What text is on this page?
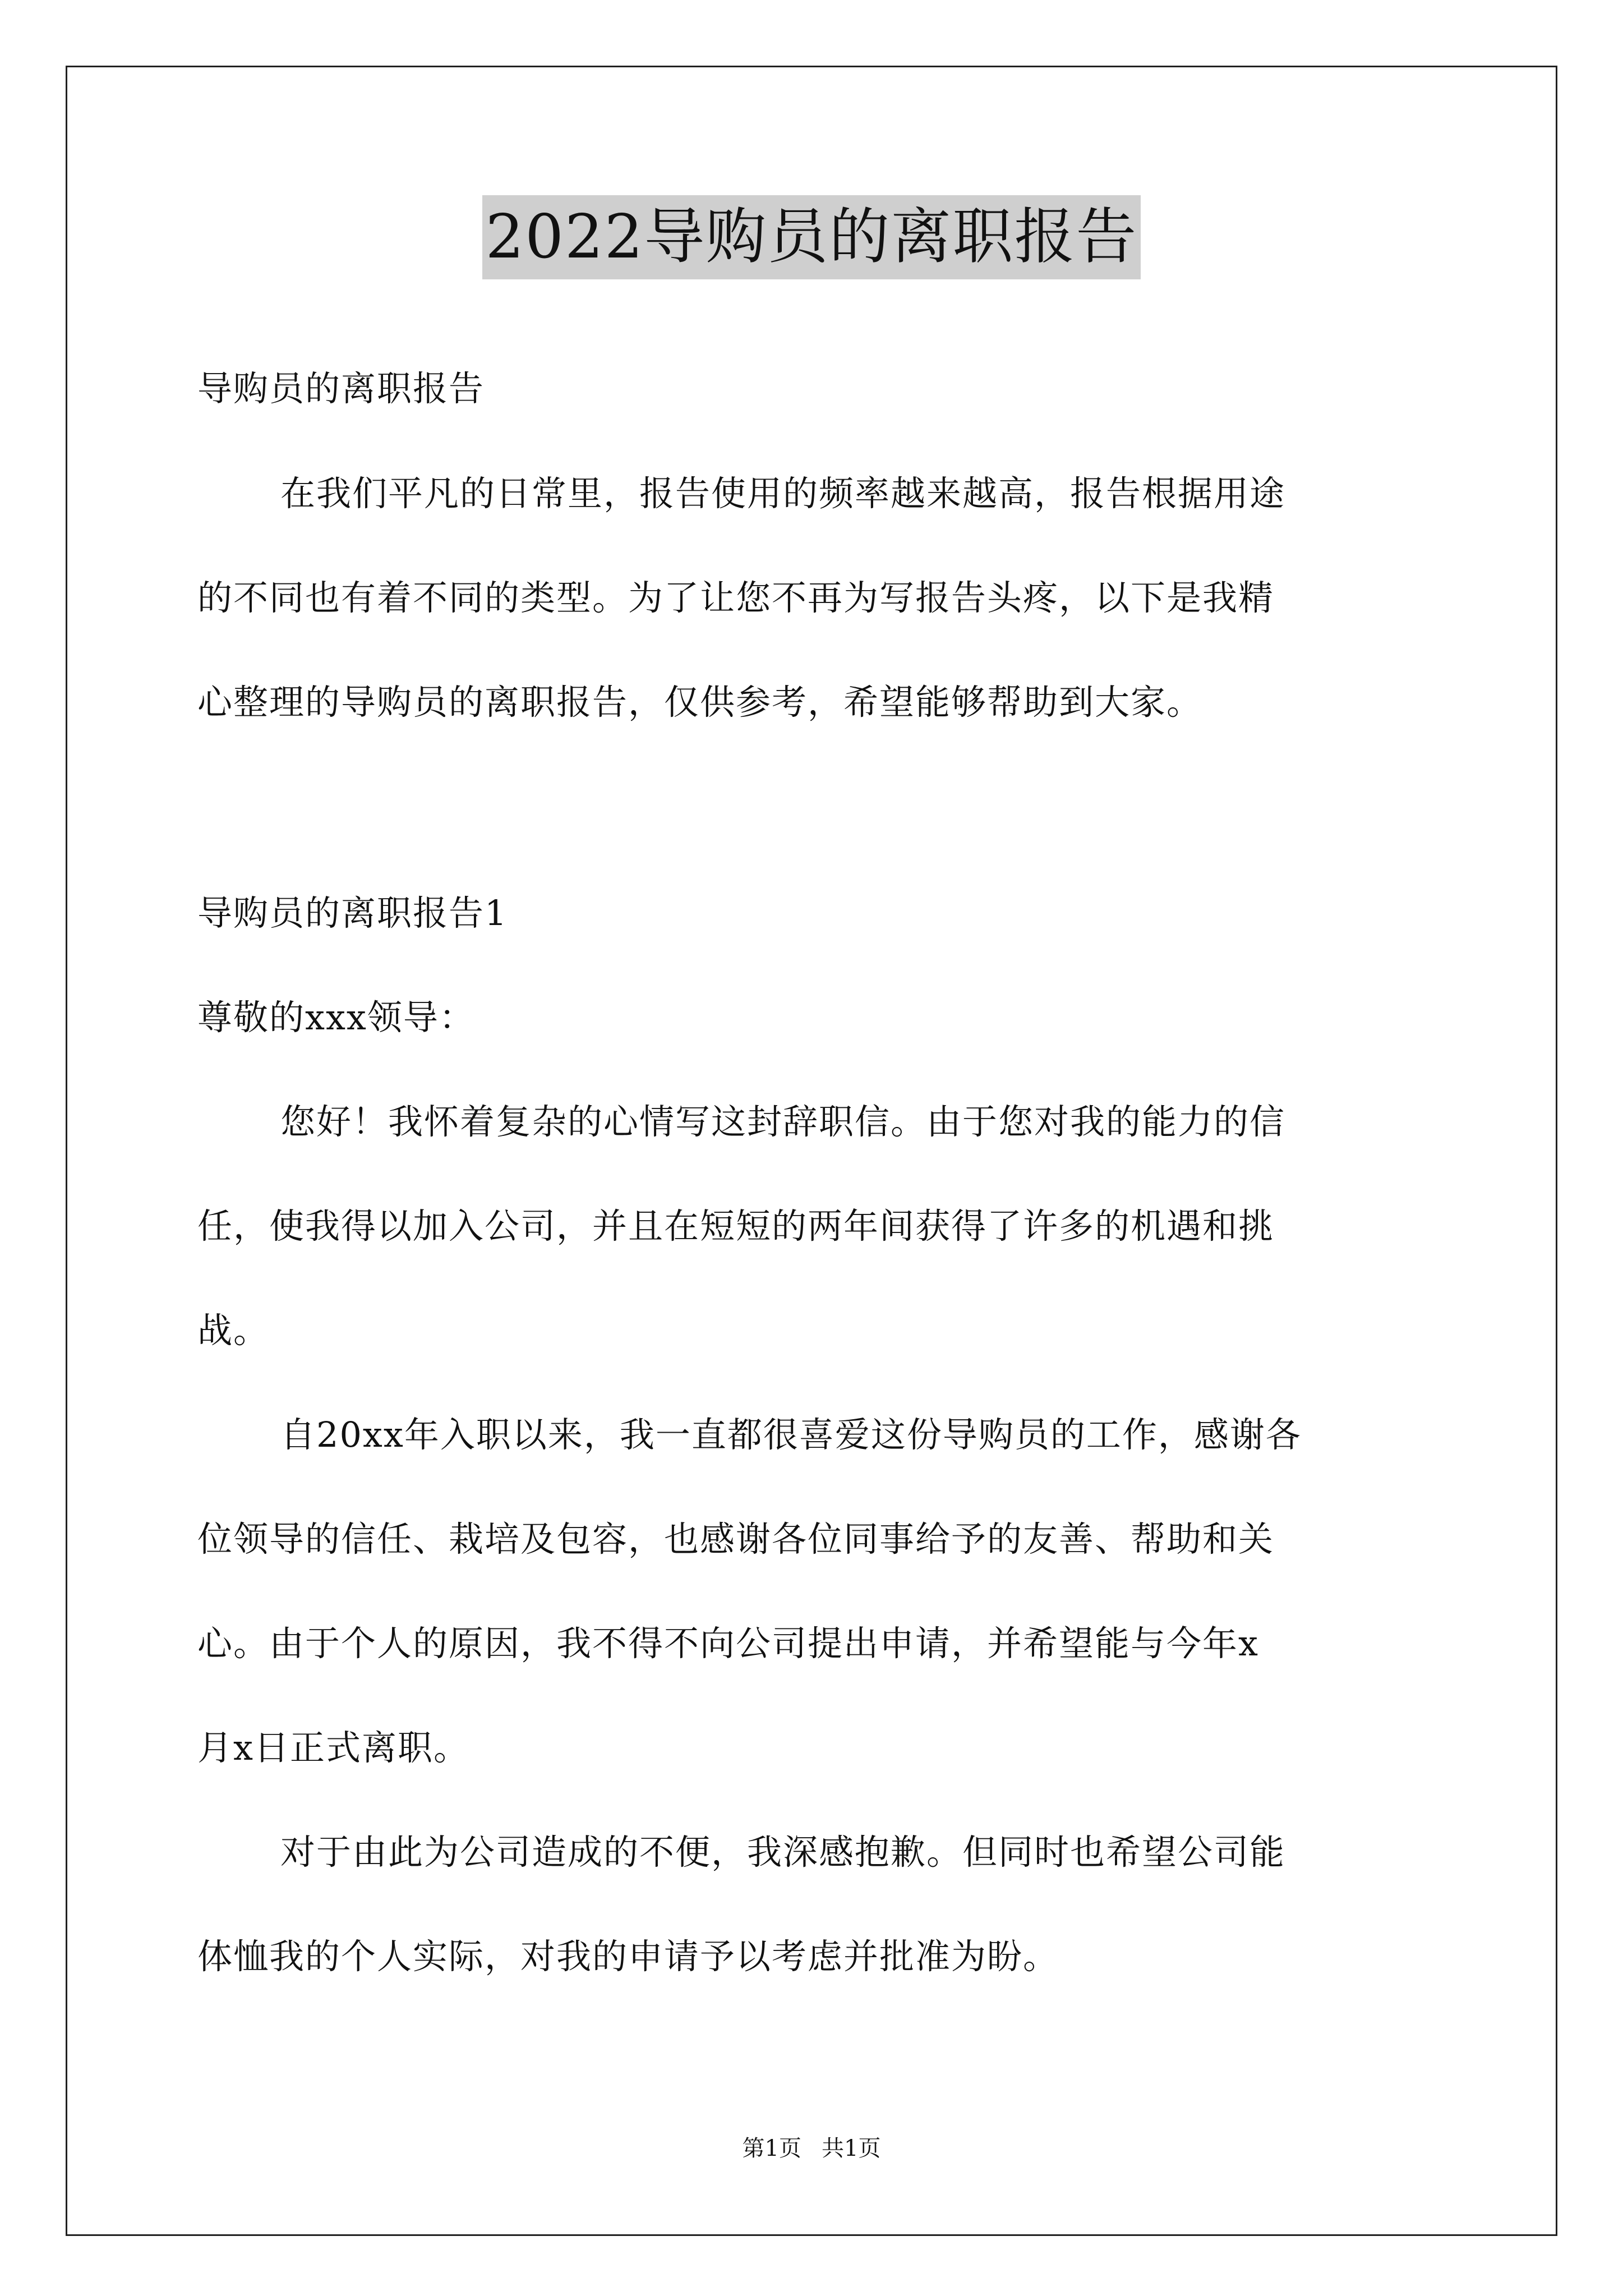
2022导购员的离职报告

导购员的离职报告

在我们平凡的日常里，报告使用的频率越来越高，报告根据用途

的不同也有着不同的类型。为了让您不再为写报告头疼，以下是我精

心整理的导购员的离职报告，仅供参考，希望能够帮助到大家。

导购员的离职报告1

尊敬的xxx领导：

您好！我怀着复杂的心情写这封辞职信。由于您对我的能力的信

任，使我得以加入公司，并且在短短的两年间获得了许多的机遇和挑

战。

自20xx年入职以来，我一直都很喜爱这份导购员的工作，感谢各

位领导的信任、栽培及包容，也感谢各位同事给予的友善、帮助和关

心。由于个人的原因，我不得不向公司提出申请，并希望能与今年x

月x日正式离职。

对于由此为公司造成的不便，我深感抱歉。但同时也希望公司能

体恤我的个人实际，对我的申请予以考虑并批准为盼。

第1页 共1页
